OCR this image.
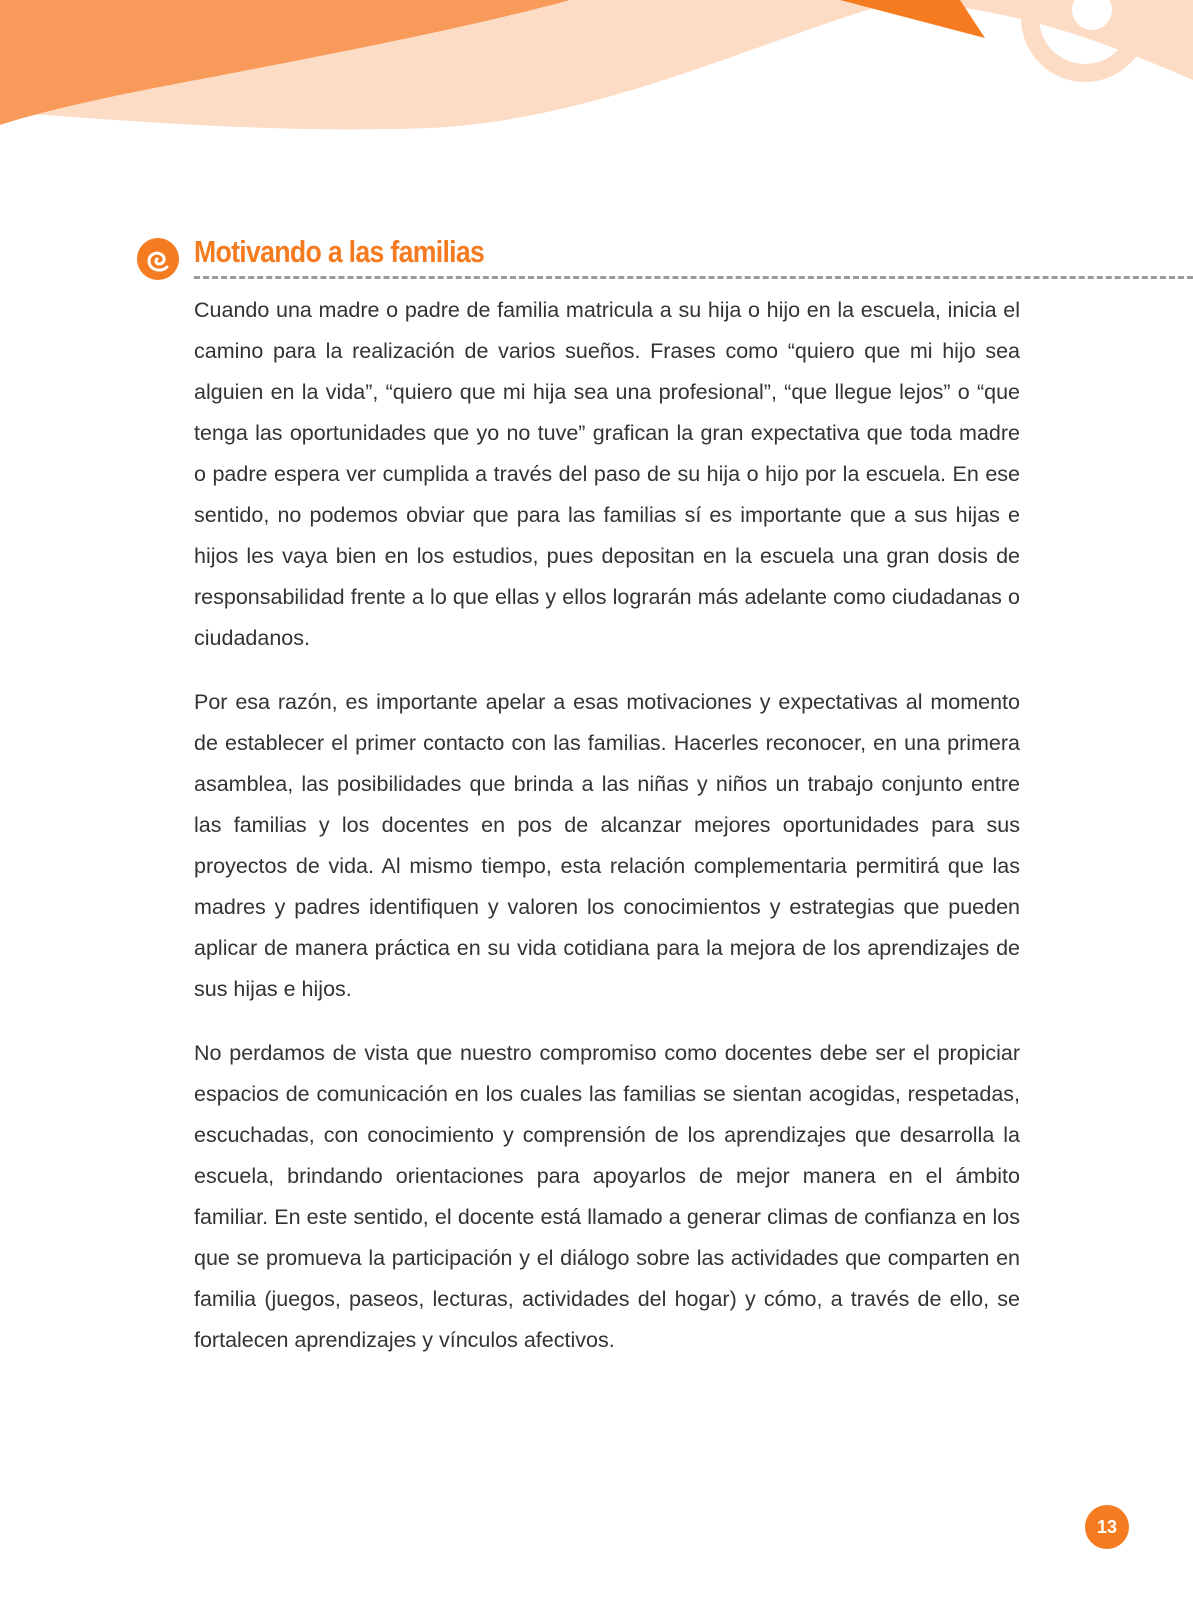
Motivando a las familias

Cuando una madre o padre de familia matricula a su hija o hijo en la escuela, inicia el camino para la realización de varios sueños. Frases como “quiero que mi hijo sea alguien en la vida”, “quiero que mi hija sea una profesional”, “que llegue lejos” o “que tenga las oportunidades que yo no tuve” grafican la gran expectativa que toda madre o padre espera ver cumplida a través del paso de su hija o hijo por la escuela. En ese sentido, no podemos obviar que para las familias sí es importante que a sus hijas e hijos les vaya bien en los estudios, pues depositan en la escuela una gran dosis de responsabilidad frente a lo que ellas y ellos lograrán más adelante como ciudadanas o ciudadanos.

Por esa razón, es importante apelar a esas motivaciones y expectativas al momento de establecer el primer contacto con las familias. Hacerles reconocer, en una primera asamblea, las posibilidades que brinda a las niñas y niños un trabajo conjunto entre las familias y los docentes en pos de alcanzar mejores oportunidades para sus proyectos de vida. Al mismo tiempo, esta relación complementaria permitirá que las madres y padres identifiquen y valoren los conocimientos y estrategias que pueden aplicar de manera práctica en su vida cotidiana para la mejora de los aprendizajes de sus hijas e hijos.

No perdamos de vista que nuestro compromiso como docentes debe ser el propiciar espacios de comunicación en los cuales las familias se sientan acogidas, respetadas, escuchadas, con conocimiento y comprensión de los aprendizajes que desarrolla la escuela, brindando orientaciones para apoyarlos de mejor manera en el ámbito familiar. En este sentido, el docente está llamado a generar climas de confianza en los que se promueva la participación y el diálogo sobre las actividades que comparten en familia (juegos, paseos, lecturas, actividades del hogar) y cómo, a través de ello, se fortalecen aprendizajes y vínculos afectivos.

13
